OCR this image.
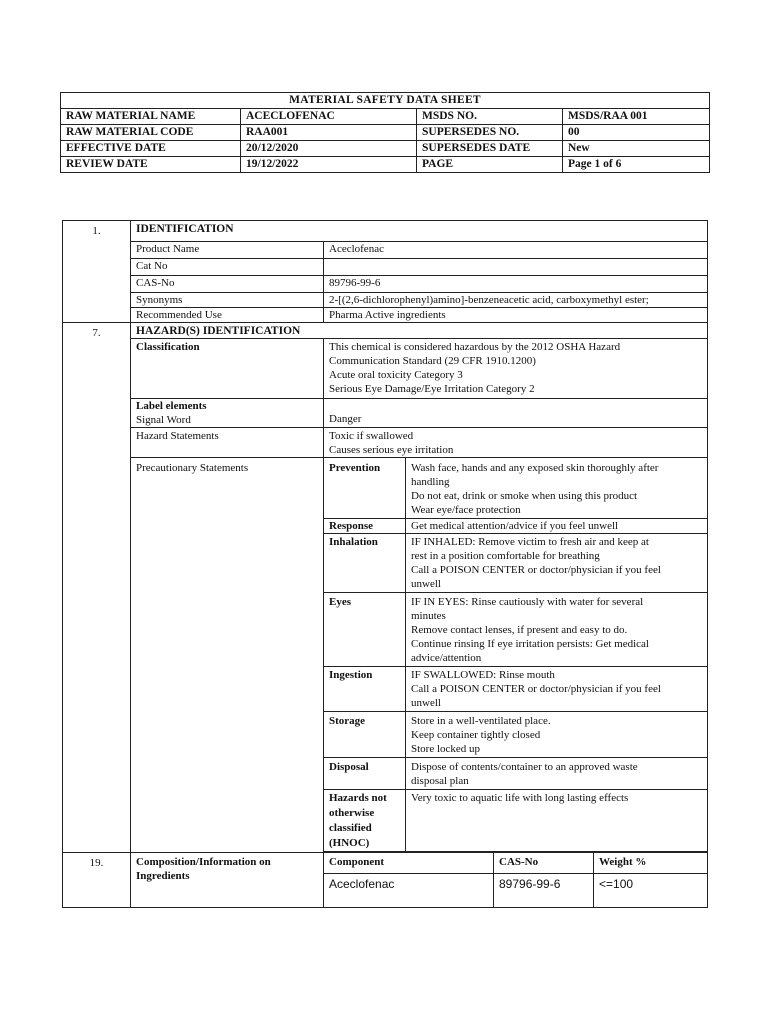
MATERIAL SAFETY DATA SHEET			
RAW MATERIAL NAME	ACECLOFENAC	MSDS NO.	MSDS/RAA 001
RAW MATERIAL CODE	RAA001	SUPERSEDES NO.	00
EFFECTIVE DATE	20/12/2020	SUPERSEDES DATE	New
REVIEW DATE	19/12/2022	PAGE	Page 1 of 6
1.	IDENTIFICATION				
	Product Name	Aceclofenac			
	Cat No				
	CAS-No	89796-99-6			
	Synonyms	2-[(2,6-dichlorophenyl)amino]-benzeneacetic acid, carboxymethyl ester;			
	Recommended Use	Pharma Active ingredients			
7.	HAZARD(S) IDENTIFICATION				
	Classification	This chemical is considered hazardous by the 2012 OSHA Hazard
Communication Standard (29 CFR 1910.1200)
Acute oral toxicity Category 3
Serious Eye Damage/Eye Irritation Category 2			

	Label elements
Signal Word	Danger			
	Hazard Statements	Toxic if swallowed
Causes serious eye irritation			

	Precautionary Statements	Prevention	Wash face, hands and any exposed skin thoroughly after
handling
Do not eat, drink or smoke when using this product
Wear eye/face protection		

		Response	Get medical attention/advice if you feel unwell		

		Inhalation	IF INHALED: Remove victim to fresh air and keep at
rest in a position comfortable for breathing
Call a POISON CENTER or doctor/physician if you feel
unwell		

		Eyes	IF IN EYES: Rinse cautiously with water for several
minutes
Remove contact lenses, if present and easy to do.
Continue rinsing If eye irritation persists: Get medical
advice/attention		

		Ingestion	IF SWALLOWED: Rinse mouth
Call a POISON CENTER or doctor/physician if you feel
unwell		

		Storage	Store in a well-ventilated place.
Keep container tightly closed
Store locked up		

		Disposal	Dispose of contents/container to an approved waste
disposal plan		

		Hazards not
otherwise
classified
(HNOC)	Very toxic to aquatic life with long lasting effects		

19.	Composition/Information on
Ingredients	Component		CAS-No	Weight %
		Aceclofenac		89796-99-6	<=100
